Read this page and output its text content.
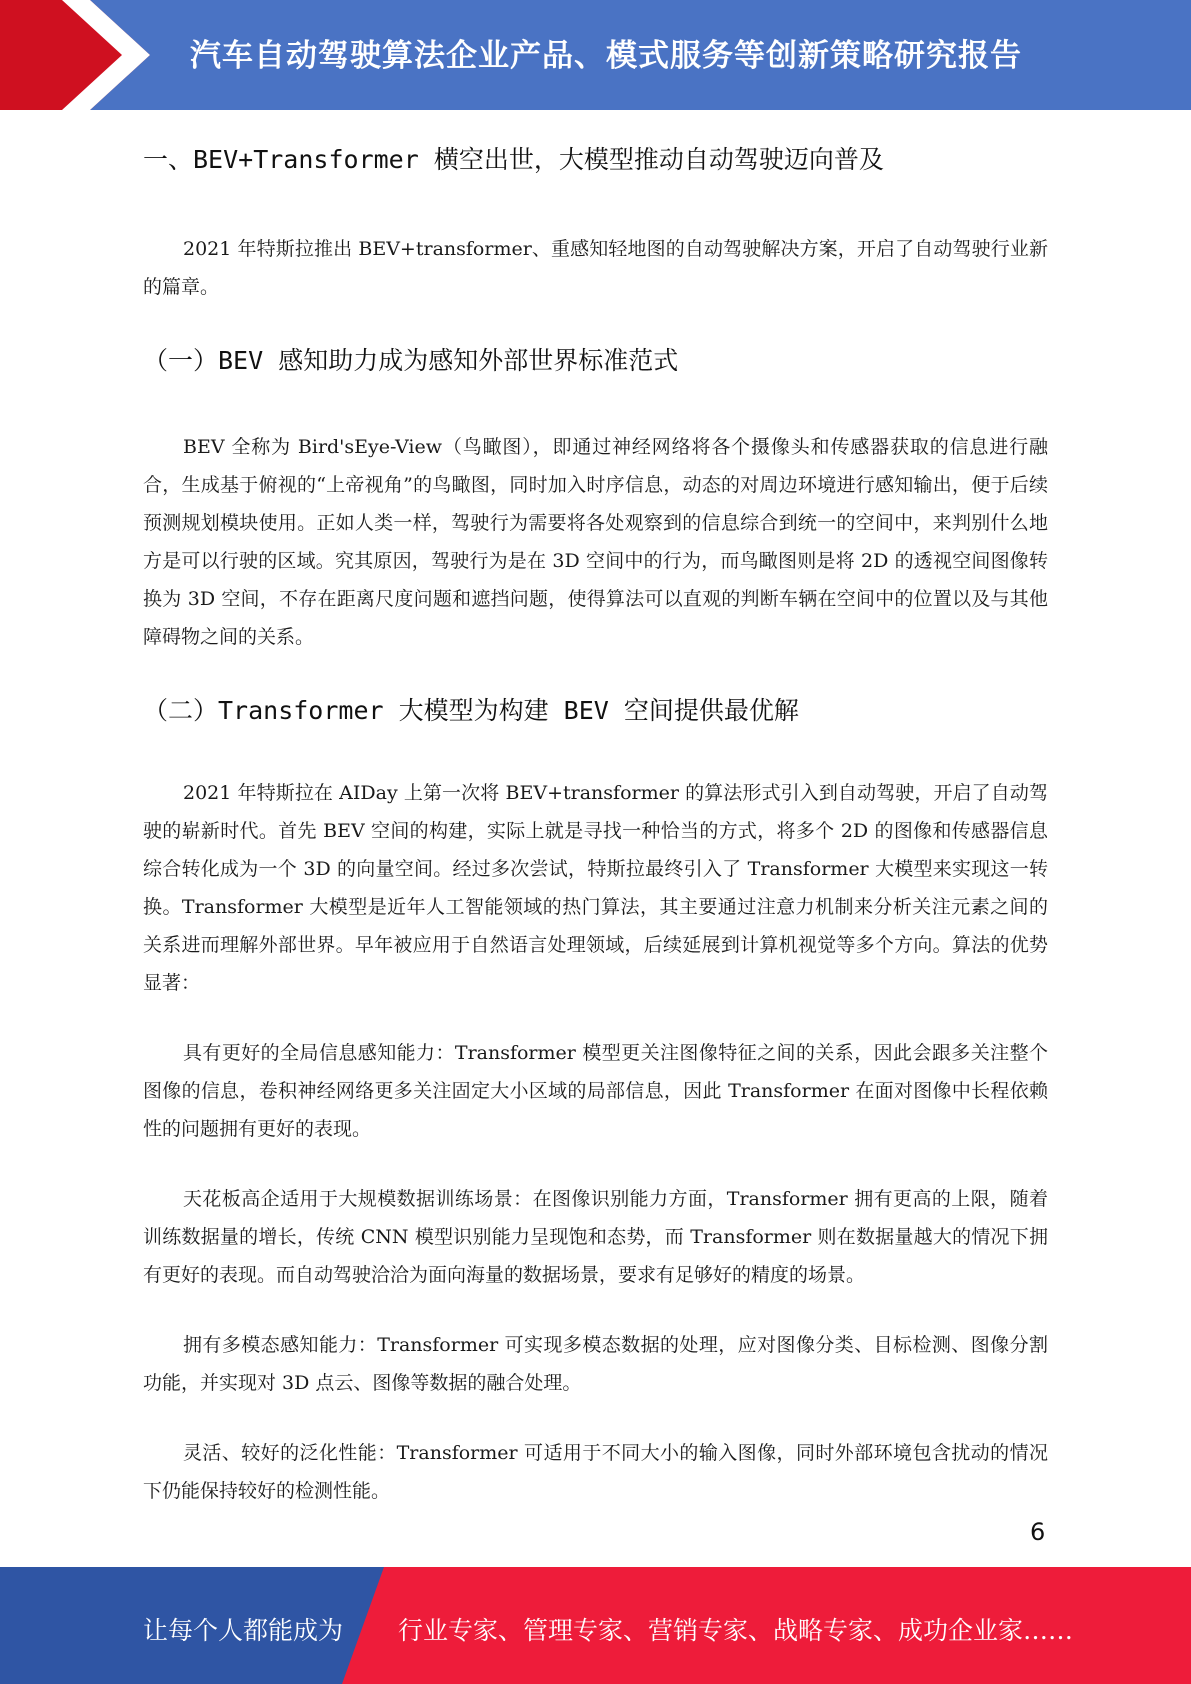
汽车自动驾驶算法企业产品、模式服务等创新策略研究报告
一、BEV+Transformer 横空出世，大模型推动自动驾驶迈向普及

2021 年特斯拉推出 BEV+transformer、重感知轻地图的自动驾驶解决方案，开启了自动驾驶行业新的篇章。

（一）BEV 感知助力成为感知外部世界标准范式

BEV 全称为 Bird'sEye-View（鸟瞰图），即通过神经网络将各个摄像头和传感器获取的信息进行融合，生成基于俯视的“上帝视角”的鸟瞰图，同时加入时序信息，动态的对周边环境进行感知输出，便于后续预测规划模块使用。正如人类一样，驾驶行为需要将各处观察到的信息综合到统一的空间中，来判别什么地方是可以行驶的区域。究其原因，驾驶行为是在 3D 空间中的行为，而鸟瞰图则是将 2D 的透视空间图像转换为 3D 空间，不存在距离尺度问题和遮挡问题，使得算法可以直观的判断车辆在空间中的位置以及与其他障碍物之间的关系。

（二）Transformer 大模型为构建 BEV 空间提供最优解

2021 年特斯拉在 AIDay 上第一次将 BEV+transformer 的算法形式引入到自动驾驶，开启了自动驾驶的崭新时代。首先 BEV 空间的构建，实际上就是寻找一种恰当的方式，将多个 2D 的图像和传感器信息综合转化成为一个 3D 的向量空间。经过多次尝试，特斯拉最终引入了 Transformer 大模型来实现这一转换。Transformer 大模型是近年人工智能领域的热门算法，其主要通过注意力机制来分析关注元素之间的关系进而理解外部世界。早年被应用于自然语言处理领域，后续延展到计算机视觉等多个方向。算法的优势显著：

具有更好的全局信息感知能力：Transformer 模型更关注图像特征之间的关系，因此会跟多关注整个图像的信息，卷积神经网络更多关注固定大小区域的局部信息，因此 Transformer 在面对图像中长程依赖性的问题拥有更好的表现。

天花板高企适用于大规模数据训练场景：在图像识别能力方面，Transformer 拥有更高的上限，随着训练数据量的增长，传统 CNN 模型识别能力呈现饱和态势，而 Transformer 则在数据量越大的情况下拥有更好的表现。而自动驾驶洽洽为面向海量的数据场景，要求有足够好的精度的场景。

拥有多模态感知能力：Transformer 可实现多模态数据的处理，应对图像分类、目标检测、图像分割功能，并实现对 3D 点云、图像等数据的融合处理。

灵活、较好的泛化性能：Transformer 可适用于不同大小的输入图像，同时外部环境包含扰动的情况下仍能保持较好的检测性能。

6
让每个人都能成为 行业专家、管理专家、营销专家、战略专家、成功企业家……
